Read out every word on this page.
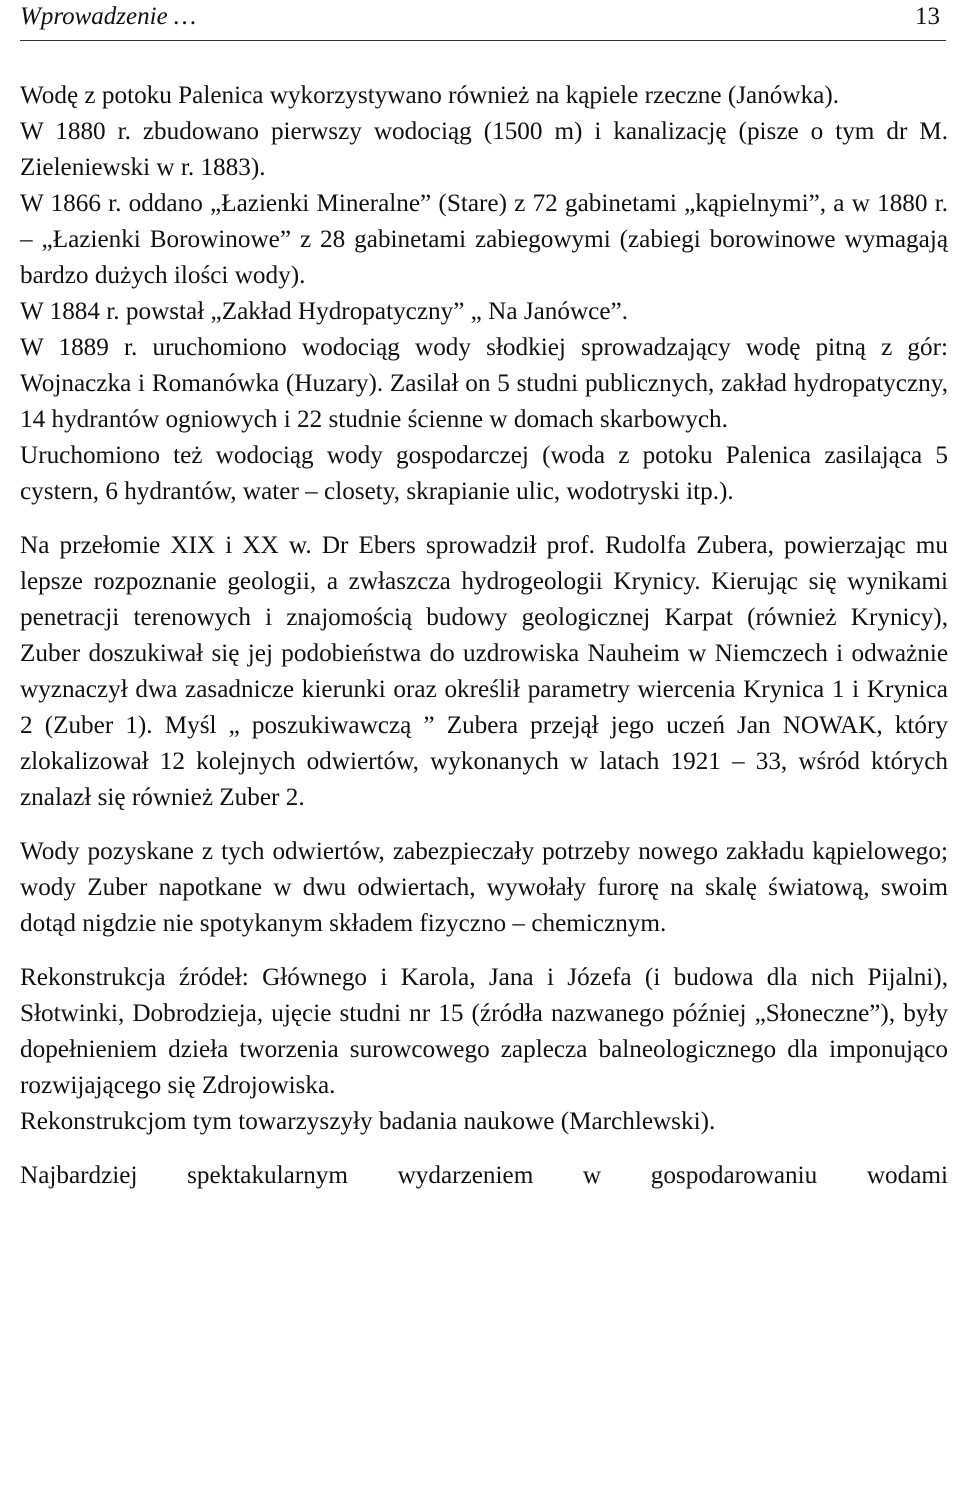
Wprowadzenie …	13

Wodę z potoku Palenica wykorzystywano również na kąpiele rzeczne (Janówka).

W 1880 r. zbudowano pierwszy wodociąg (1500 m) i kanalizację (pisze o tym dr M. Zieleniewski w r. 1883).

W 1866 r. oddano „Łazienki Mineralne” (Stare) z 72 gabinetami „kąpielnymi”, a w 1880 r. – „Łazienki Borowinowe” z 28 gabinetami zabiegowymi (zabiegi borowinowe wymagają bardzo dużych ilości wody).

W 1884 r. powstał „Zakład Hydropatyczny” „ Na Janówce”.

W 1889 r. uruchomiono wodociąg wody słodkiej sprowadzający wodę pitną z gór: Wojnaczka i Romanówka (Huzary). Zasilał on 5 studni publicznych, zakład hydropatyczny, 14 hydrantów ogniowych i 22 studnie ścienne w domach skarbowych.

Uruchomiono też wodociąg wody gospodarczej (woda z potoku Palenica zasilająca 5 cystern, 6 hydrantów, water – closety, skrapianie ulic, wodotryski itp.).

Na przełomie XIX i XX w. Dr Ebers sprowadził prof. Rudolfa Zubera, powierzając mu lepsze rozpoznanie geologii, a zwłaszcza hydrogeologii Krynicy. Kierując się wynikami penetracji terenowych i znajomością budowy geologicznej Karpat (również Krynicy), Zuber doszukiwał się jej podobieństwa do uzdrowiska Nauheim w Niemczech i odważnie wyznaczył dwa zasadnicze kierunki oraz określił parametry wiercenia Krynica 1 i Krynica 2 (Zuber 1). Myśl „ poszukiwawczą ” Zubera przejął jego uczeń Jan NOWAK, który zlokalizował 12 kolejnych odwiertów, wykonanych w latach 1921 – 33, wśród których znalazł się również Zuber 2.

Wody pozyskane z tych odwiertów, zabezpieczały potrzeby nowego zakładu kąpielowego; wody Zuber napotkane w dwu odwiertach, wywołały furorę na skalę światową, swoim dotąd nigdzie nie spotykanym składem fizyczno – chemicznym.

Rekonstrukcja źródeł: Głównego i Karola, Jana i Józefa (i budowa dla nich Pijalni), Słotwinki, Dobrodzieja, ujęcie studni nr 15 (źródła nazwanego później „Słoneczne”), były dopełnieniem dzieła tworzenia surowcowego zaplecza balneologicznego dla imponująco rozwijającego się Zdrojowiska.

Rekonstrukcjom tym towarzyszyły badania naukowe (Marchlewski).

Najbardziej spektakularnym wydarzeniem w gospodarowaniu wodami
